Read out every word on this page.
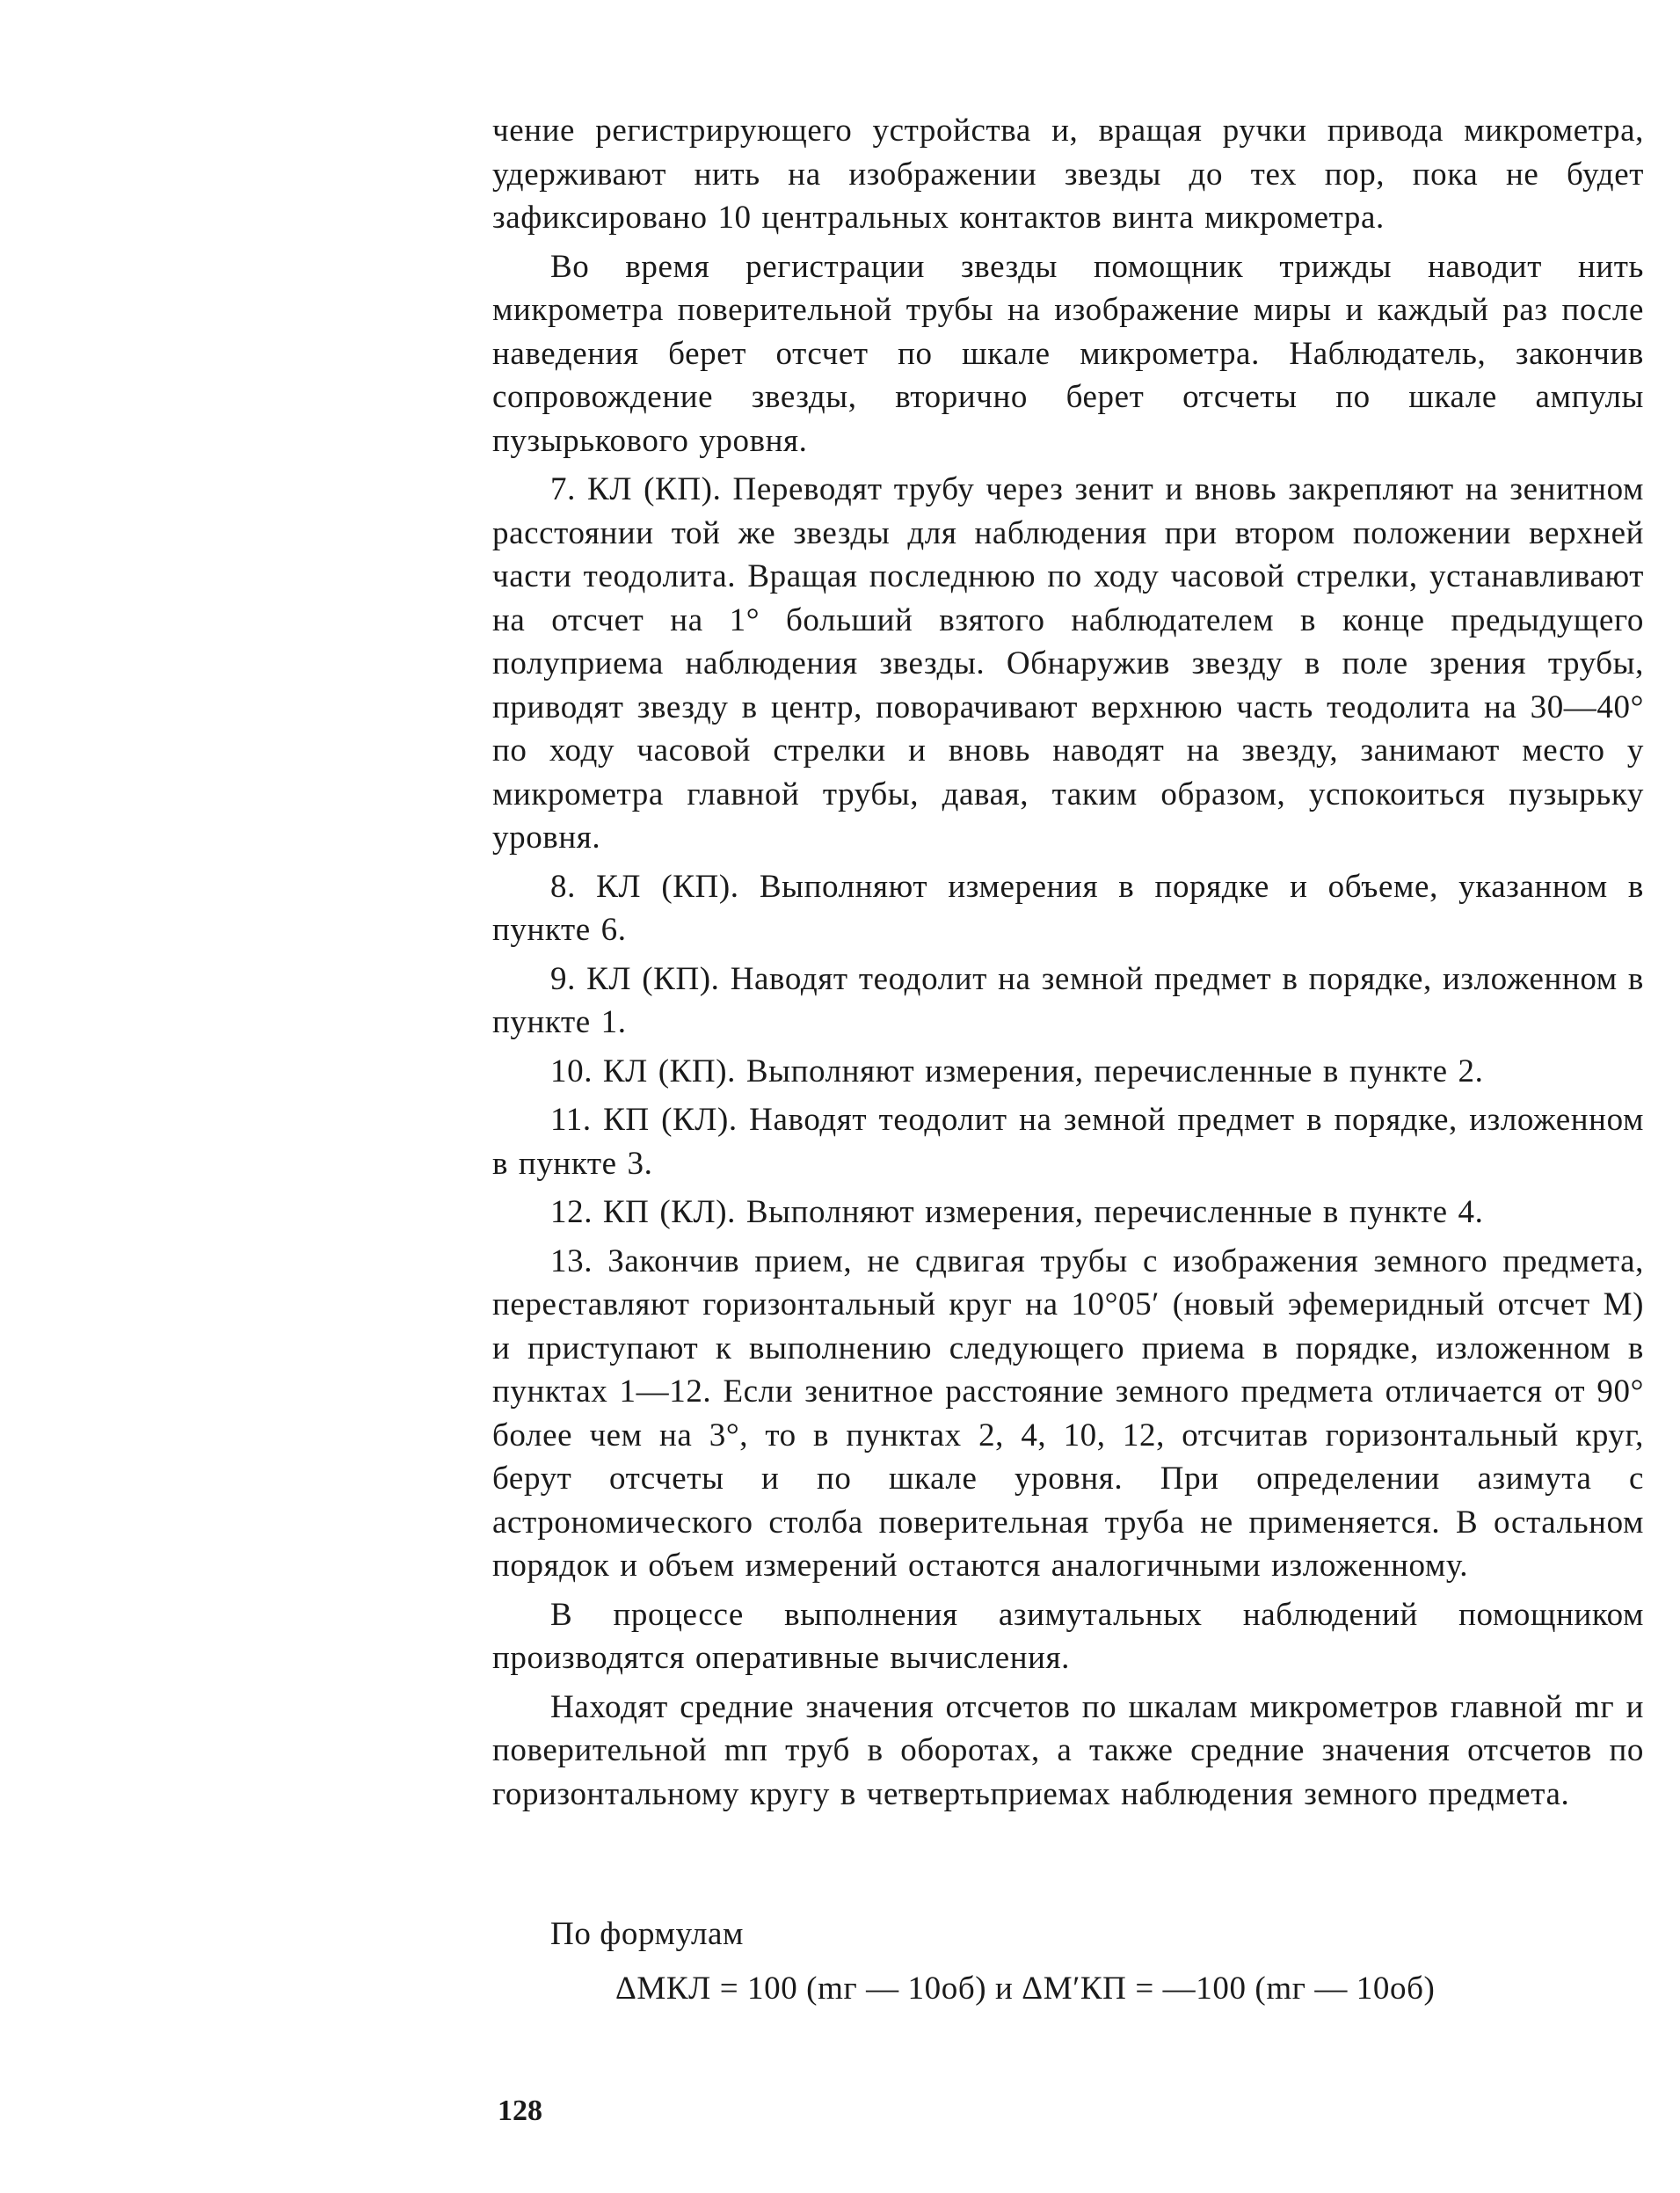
чение регистрирующего устройства и, вращая ручки привода микрометра, удерживают нить на изображении звезды до тех пор, пока не будет зафиксировано 10 центральных контактов винта микрометра.

Во время регистрации звезды помощник трижды наводит нить микрометра поверительной трубы на изображение миры и каждый раз после наведения берет отсчет по шкале микрометра. Наблюдатель, закончив сопровождение звезды, вторично берет отсчеты по шкале ампулы пузырькового уровня.

7. КЛ (КП). Переводят трубу через зенит и вновь закрепляют на зенитном расстоянии той же звезды для наблюдения при втором положении верхней части теодолита. Вращая последнюю по ходу часовой стрелки, устанавливают на отсчет на 1° больший взятого наблюдателем в конце предыдущего полуприема наблюдения звезды. Обнаружив звезду в поле зрения трубы, приводят звезду в центр, поворачивают верхнюю часть теодолита на 30—40° по ходу часовой стрелки и вновь наводят на звезду, занимают место у микрометра главной трубы, давая, таким образом, успокоиться пузырьку уровня.

8. КЛ (КП). Выполняют измерения в порядке и объеме, указанном в пункте 6.

9. КЛ (КП). Наводят теодолит на земной предмет в порядке, изложенном в пункте 1.

10. КЛ (КП). Выполняют измерения, перечисленные в пункте 2.

11. КП (КЛ). Наводят теодолит на земной предмет в порядке, изложенном в пункте 3.

12. КП (КЛ). Выполняют измерения, перечисленные в пункте 4.

13. Закончив прием, не сдвигая трубы с изображения земного предмета, переставляют горизонтальный круг на 10°05′ (новый эфемеридный отсчет M) и приступают к выполнению следующего приема в порядке, изложенном в пунктах 1—12. Если зенитное расстояние земного предмета отличается от 90° более чем на 3°, то в пунктах 2, 4, 10, 12, отсчитав горизонтальный круг, берут отсчеты и по шкале уровня. При определении азимута с астрономического столба поверительная труба не применяется. В остальном порядок и объем измерений остаются аналогичными изложенному.

В процессе выполнения азимутальных наблюдений помощником производятся оперативные вычисления.

Находят средние значения отсчетов по шкалам микрометров главной mг и поверительной mп труб в оборотах, а также средние значения отсчетов по горизонтальному кругу в четвертьприемах наблюдения земного предмета.

По формулам
ΔMКЛ = 100 (mг — 10об) и ΔM′КП = —100 (mг — 10об)
128
